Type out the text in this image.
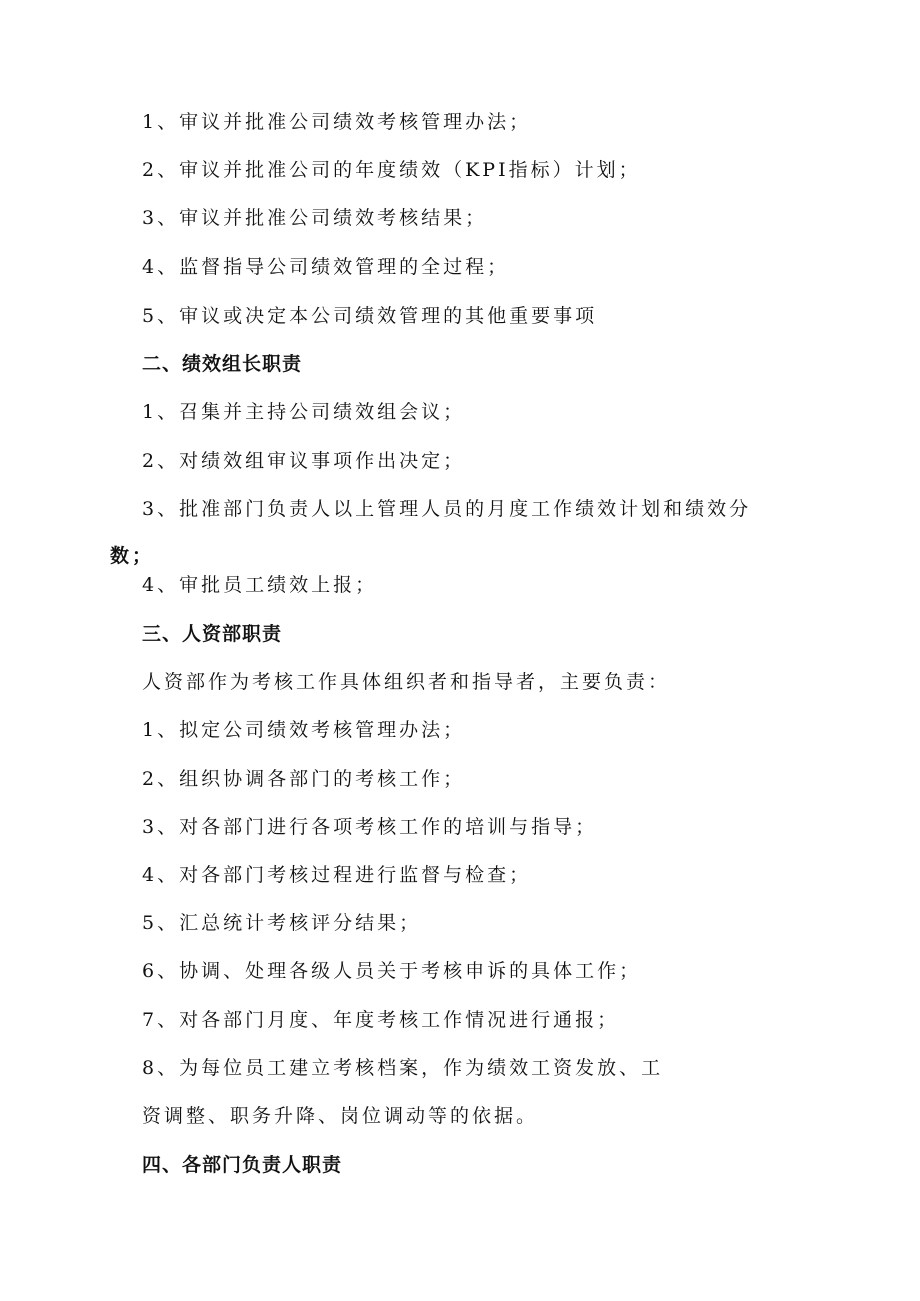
1、审议并批准公司绩效考核管理办法；
2、审议并批准公司的年度绩效（KPI指标）计划；
3、审议并批准公司绩效考核结果；
4、监督指导公司绩效管理的全过程；
5、审议或决定本公司绩效管理的其他重要事项
二、绩效组长职责
1、召集并主持公司绩效组会议；
2、对绩效组审议事项作出决定；
3、批准部门负责人以上管理人员的月度工作绩效计划和绩效分
数；
4、审批员工绩效上报；
三、人资部职责
人资部作为考核工作具体组织者和指导者，主要负责：
1、拟定公司绩效考核管理办法；
2、组织协调各部门的考核工作；
3、对各部门进行各项考核工作的培训与指导；
4、对各部门考核过程进行监督与检查；
5、汇总统计考核评分结果；
6、协调、处理各级人员关于考核申诉的具体工作；
7、对各部门月度、年度考核工作情况进行通报；
8、为每位员工建立考核档案，作为绩效工资发放、工
资调整、职务升降、岗位调动等的依据。
四、各部门负责人职责
